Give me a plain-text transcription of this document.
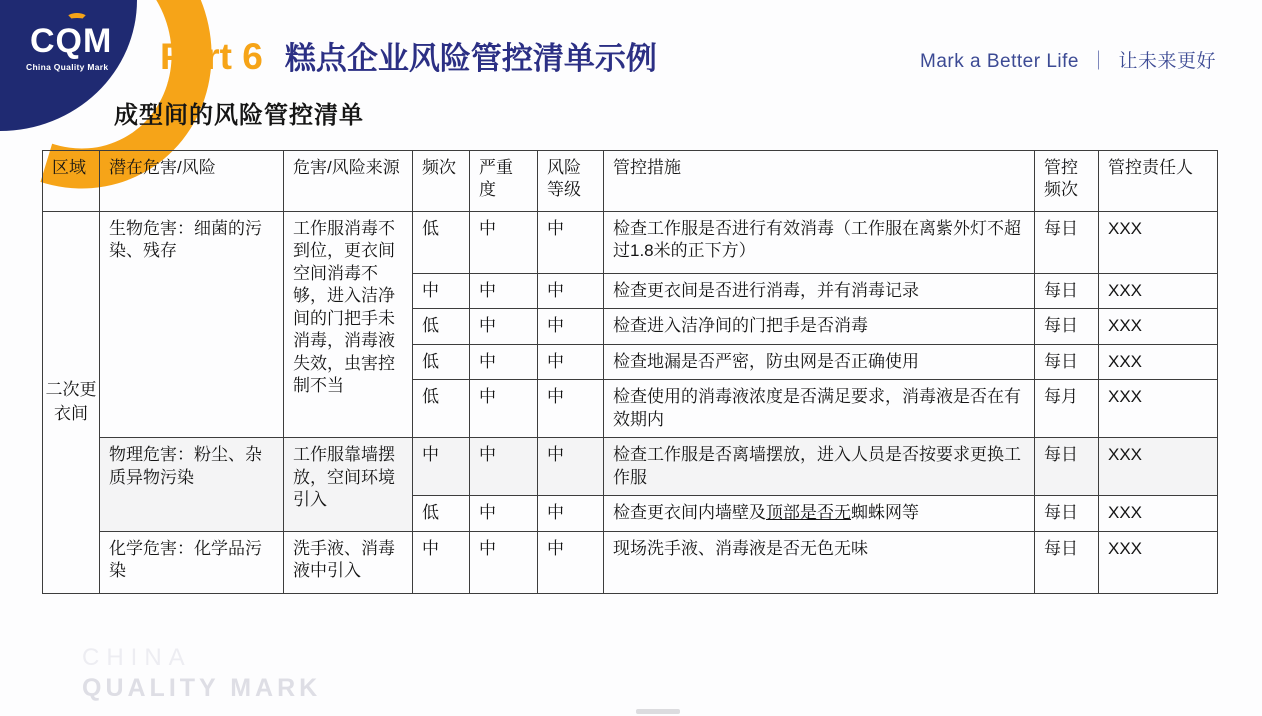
CQM
China Quality Mark Part 6 糕点企业风险管控清单示例	Mark a Better Life ｜ 让未来更好
成型间的风险管控清单
区域	潜在危害/风险	危害/风险来源	频次	严重度	风险等级	管控措施	管控频次	管控责任人
二次更衣间	生物危害：细菌的污染、残存	工作服消毒不到位，更衣间空间消毒不够，进入洁净间的门把手未消毒，消毒液失效，虫害控制不当	低	中	中	检查工作服是否进行有效消毒（工作服在离紫外灯不超过1.8米的正下方）	每日	XXX
			中	中	中	检查更衣间是否进行消毒，并有消毒记录	每日	XXX
			低	中	中	检查进入洁净间的门把手是否消毒	每日	XXX
			低	中	中	检查地漏是否严密，防虫网是否正确使用	每日	XXX
			低	中	中	检查使用的消毒液浓度是否满足要求，消毒液是否在有效期内	每月	XXX
	物理危害：粉尘、杂质异物污染	工作服靠墙摆放，空间环境引入	中	中	中	检查工作服是否离墙摆放，进入人员是否按要求更换工作服	每日	XXX
			低	中	中	检查更衣间内墙壁及顶部是否无蜘蛛网等	每日	XXX
	化学危害：化学品污染	洗手液、消毒液中引入	中	中	中	现场洗手液、消毒液是否无色无味	每日	XXX
CHINA
QUALITY MARK
